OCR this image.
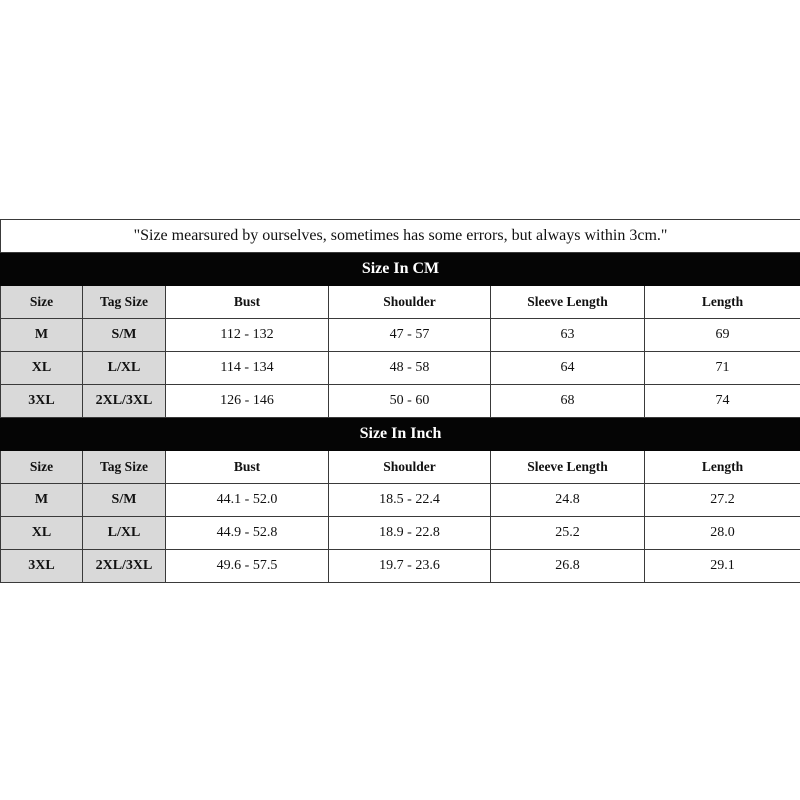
"Size mearsured by ourselves, sometimes has some errors, but always within 3cm."					
Size In CM					
Size	Tag Size	Bust	Shoulder	Sleeve Length	Length
M	S/M	112 - 132	47 - 57	63	69
XL	L/XL	114 - 134	48 - 58	64	71
3XL	2XL/3XL	126 - 146	50 - 60	68	74
Size In Inch					
Size	Tag Size	Bust	Shoulder	Sleeve Length	Length
M	S/M	44.1 - 52.0	18.5 - 22.4	24.8	27.2
XL	L/XL	44.9 - 52.8	18.9 - 22.8	25.2	28.0
3XL	2XL/3XL	49.6 - 57.5	19.7 - 23.6	26.8	29.1
